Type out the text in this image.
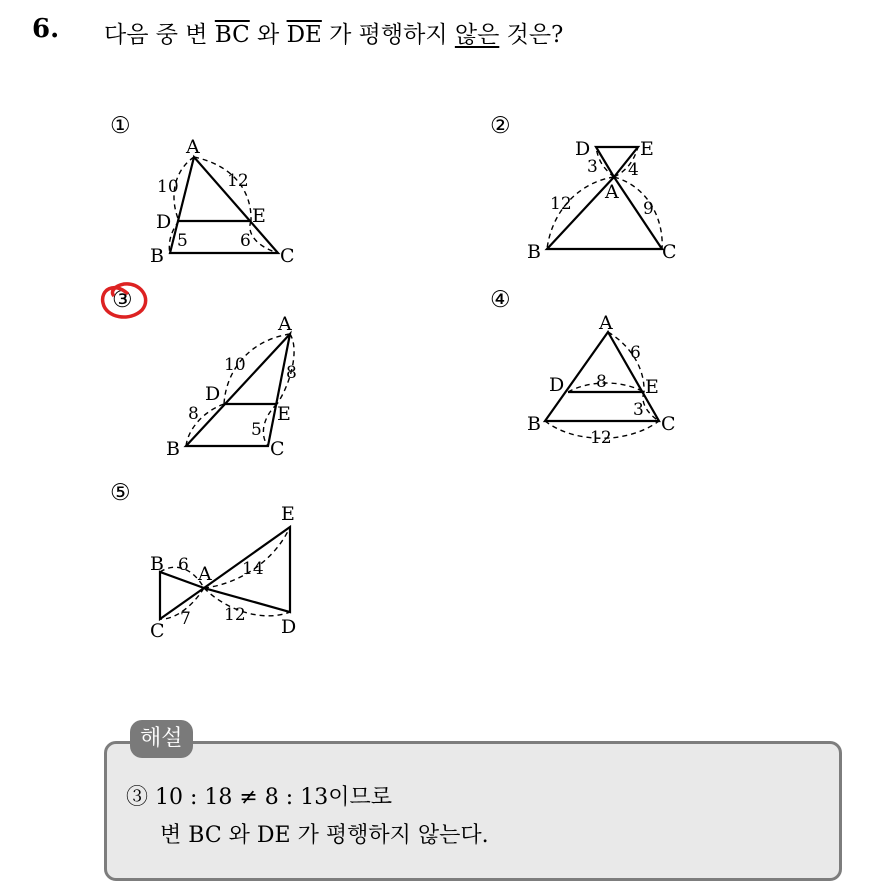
6. 다음 중 변 $\overline{BC}$ 와 $\overline{DE}$ 가 평행하지 않은 것은?
①	②
③	④
⑤
A
B	C
D	E
10	12
5	6
A
B	C
D	E
3 4
12	9
A
B	C
D
E
10 8
8
5
A
B	C
D	E
6
8
3
12
A
B
C	D
E
6	14
7 12
해설
③ 10 : 18 ≠ 8 : 13이므로
변 BC 와 DE 가 평행하지 않는다.
